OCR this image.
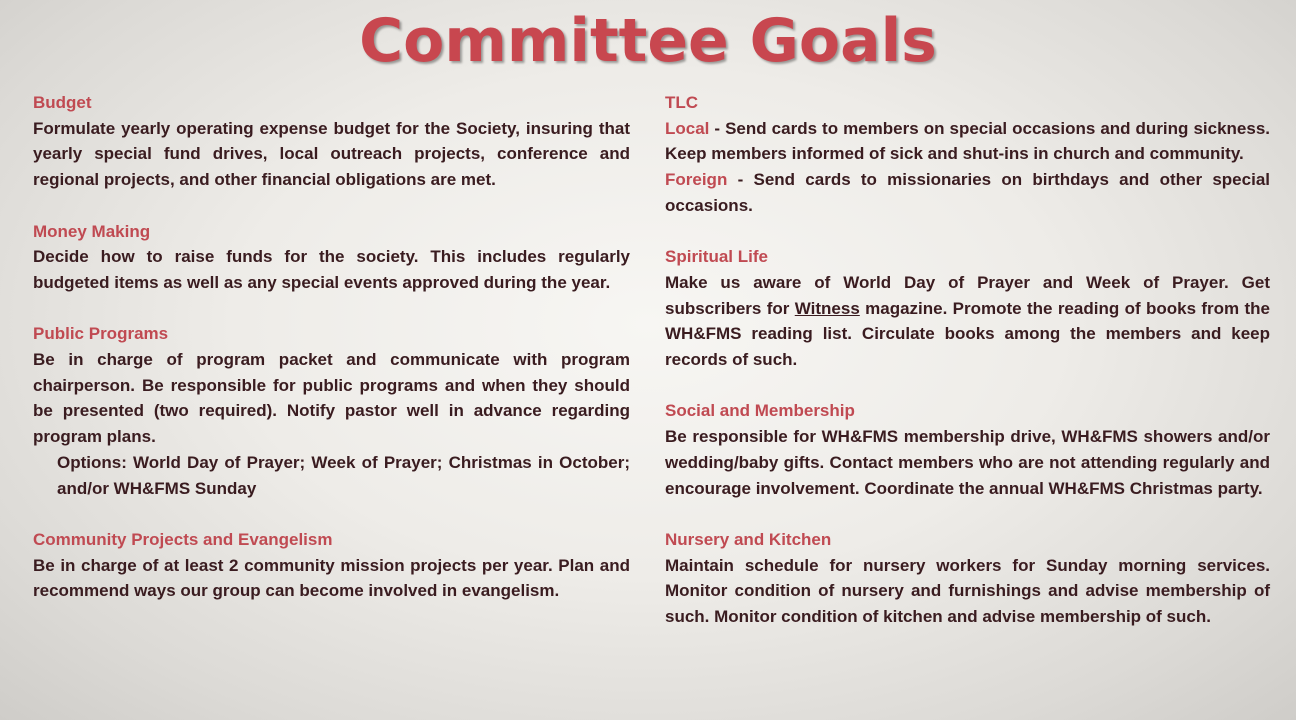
Committee Goals
Budget

Formulate yearly operating expense budget for the Society, insuring that yearly special fund drives, local outreach projects, conference and regional projects, and other financial obligations are met.

Money Making

Decide how to raise funds for the society. This includes regularly budgeted items as well as any special events approved during the year.

Public Programs

Be in charge of program packet and communicate with program chairperson. Be responsible for public programs and when they should be presented (two required). Notify pastor well in advance regarding program plans.

Options: World Day of Prayer; Week of Prayer; Christmas in October; and/or WH&FMS Sunday
Community Projects and Evangelism

Be in charge of at least 2 community mission projects per year. Plan and recommend ways our group can become involved in evangelism.

TLC

Local - Send cards to members on special occasions and during sickness. Keep members informed of sick and shut-ins in church and community.

Foreign - Send cards to missionaries on birthdays and other special occasions.

Spiritual Life

Make us aware of World Day of Prayer and Week of Prayer. Get subscribers for Witness magazine. Promote the reading of books from the WH&FMS reading list. Circulate books among the members and keep records of such.

Social and Membership

Be responsible for WH&FMS membership drive, WH&FMS showers and/or wedding/baby gifts. Contact members who are not attending regularly and encourage involvement. Coordinate the annual WH&FMS Christmas party.

Nursery and Kitchen

Maintain schedule for nursery workers for Sunday morning services. Monitor condition of nursery and furnishings and advise membership of such. Monitor condition of kitchen and advise membership of such.
